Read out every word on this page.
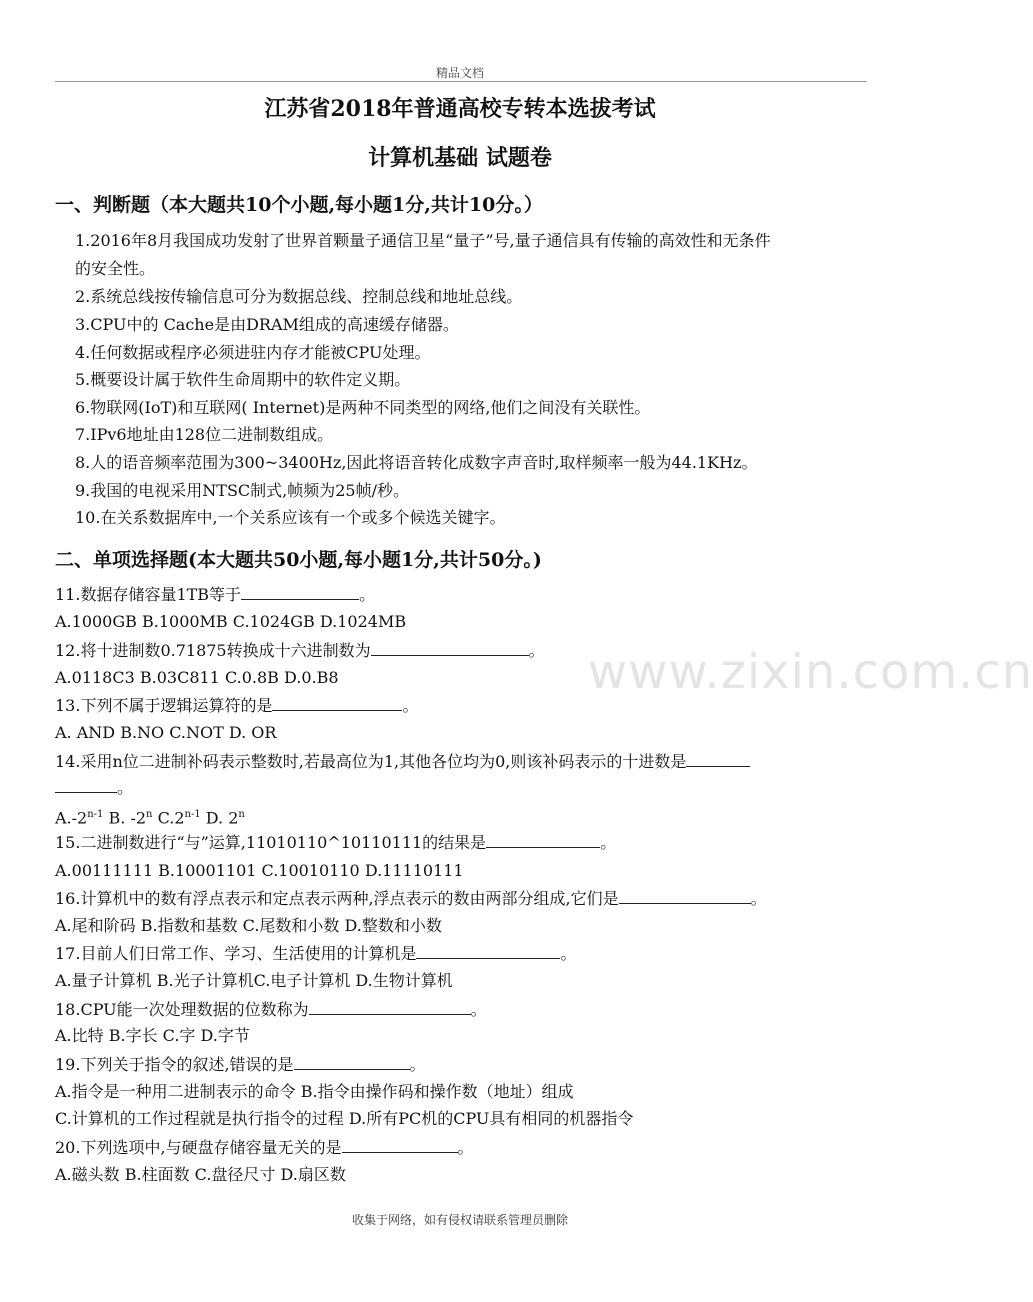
精品文档
江苏省2018年普通高校专转本选拔考试
计算机基础 试题卷
一、判断题（本大题共10个小题,每小题1分,共计10分。）
1.2016年8月我国成功发射了世界首颗量子通信卫星“量子”号,量子通信具有传输的高效性和无条件
的安全性。
2.系统总线按传输信息可分为数据总线、控制总线和地址总线。
3.CPU中的 Cache是由DRAM组成的高速缓存储器。
4.任何数据或程序必须进驻内存才能被CPU处理。
5.概要设计属于软件生命周期中的软件定义期。
6.物联网(IoT)和互联网( Internet)是两种不同类型的网络,他们之间没有关联性。
7.IPv6地址由128位二进制数组成。
8.人的语音频率范围为300~3400Hz,因此将语音转化成数字声音时,取样频率一般为44.1KHz。
9.我国的电视采用NTSC制式,帧频为25帧/秒。
10.在关系数据库中,一个关系应该有一个或多个候选关键字。
二、单项选择题(本大题共50小题,每小题1分,共计50分。)
11.数据存储容量1TB等于	。
A.1000GB B.1000MB C.1024GB D.1024MB
12.将十进制数0.71875转换成十六进制数为	。
A.0118C3 B.03C811 C.0.8B D.0.B8
13.下列不属于逻辑运算符的是	。
A. AND B.NO C.NOT D. OR
14.采用n位二进制补码表示整数时,若最高位为1,其他各位均为0,则该补码表示的十进数是
。
A.-2$^{n-1}$ B. -2$^n$ C.2$^{n-1}$ D. 2$^n$
15.二进制数进行“与”运算,11010110^10110111的结果是	。
A.00111111 B.10001101 C.10010110 D.11110111
16.计算机中的数有浮点表示和定点表示两种,浮点表示的数由两部分组成,它们是	。
A.尾和阶码 B.指数和基数 C.尾数和小数 D.整数和小数
17.目前人们日常工作、学习、生活使用的计算机是	。
A.量子计算机 B.光子计算机C.电子计算机 D.生物计算机
18.CPU能一次处理数据的位数称为	。
A.比特 B.字长 C.字 D.字节
19.下列关于指令的叙述,错误的是	。
A.指令是一种用二进制表示的命令 B.指令由操作码和操作数（地址）组成
C.计算机的工作过程就是执行指令的过程 D.所有PC机的CPU具有相同的机器指令
20.下列选项中,与硬盘存储容量无关的是	。
A.磁头数 B.柱面数 C.盘径尺寸 D.扇区数
www.zixin.com.cn
收集于网络，如有侵权请联系管理员删除
